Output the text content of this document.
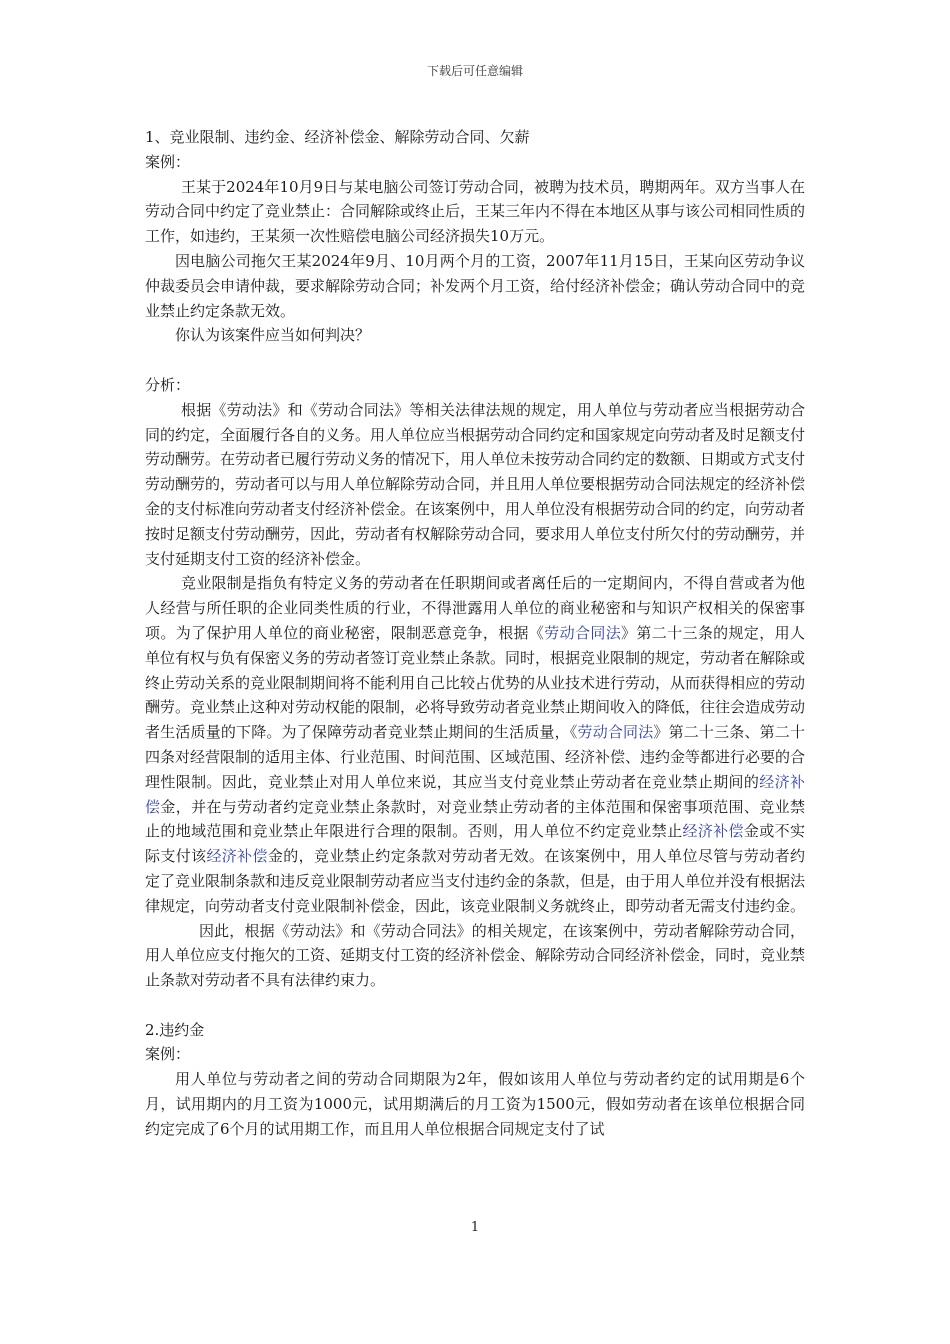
下载后可任意编辑

1、竞业限制、违约金、经济补偿金、解除劳动合同、欠薪

案例：

王某于2024年10月9日与某电脑公司签订劳动合同，被聘为技术员，聘期两年。双方当事人在劳动合同中约定了竞业禁止：合同解除或终止后，王某三年内不得在本地区从事与该公司相同性质的工作，如违约，王某须一次性赔偿电脑公司经济损失10万元。

因电脑公司拖欠王某2024年9月、10月两个月的工资，2007年11月15日，王某向区劳动争议仲裁委员会申请仲裁，要求解除劳动合同；补发两个月工资，给付经济补偿金；确认劳动合同中的竞业禁止约定条款无效。

你认为该案件应当如何判决？

分析：

根据《劳动法》和《劳动合同法》等相关法律法规的规定，用人单位与劳动者应当根据劳动合同的约定，全面履行各自的义务。用人单位应当根据劳动合同约定和国家规定向劳动者及时足额支付劳动酬劳。在劳动者已履行劳动义务的情况下，用人单位未按劳动合同约定的数额、日期或方式支付劳动酬劳的，劳动者可以与用人单位解除劳动合同，并且用人单位要根据劳动合同法规定的经济补偿金的支付标准向劳动者支付经济补偿金。在该案例中，用人单位没有根据劳动合同的约定，向劳动者按时足额支付劳动酬劳，因此，劳动者有权解除劳动合同，要求用人单位支付所欠付的劳动酬劳，并支付延期支付工资的经济补偿金。

竞业限制是指负有特定义务的劳动者在任职期间或者离任后的一定期间内，不得自营或者为他人经营与所任职的企业同类性质的行业，不得泄露用人单位的商业秘密和与知识产权相关的保密事项。为了保护用人单位的商业秘密，限制恶意竞争，根据《劳动合同法》第二十三条的规定，用人单位有权与负有保密义务的劳动者签订竞业禁止条款。同时，根据竞业限制的规定，劳动者在解除或终止劳动关系的竞业限制期间将不能利用自己比较占优势的从业技术进行劳动，从而获得相应的劳动酬劳。竞业禁止这种对劳动权能的限制，必将导致劳动者竞业禁止期间收入的降低，往往会造成劳动者生活质量的下降。为了保障劳动者竞业禁止期间的生活质量，《劳动合同法》第二十三条、第二十四条对经营限制的适用主体、行业范围、时间范围、区域范围、经济补偿、违约金等都进行必要的合理性限制。因此，竞业禁止对用人单位来说，其应当支付竞业禁止劳动者在竞业禁止期间的经济补偿金，并在与劳动者约定竞业禁止条款时，对竞业禁止劳动者的主体范围和保密事项范围、竞业禁止的地域范围和竞业禁止年限进行合理的限制。否则，用人单位不约定竞业禁止经济补偿金或不实际支付该经济补偿金的，竞业禁止约定条款对劳动者无效。在该案例中，用人单位尽管与劳动者约定了竞业限制条款和违反竞业限制劳动者应当支付违约金的条款，但是，由于用人单位并没有根据法律规定，向劳动者支付竞业限制补偿金，因此，该竞业限制义务就终止，即劳动者无需支付违约金。

因此，根据《劳动法》和《劳动合同法》的相关规定，在该案例中，劳动者解除劳动合同，用人单位应支付拖欠的工资、延期支付工资的经济补偿金、解除劳动合同经济补偿金，同时，竞业禁止条款对劳动者不具有法律约束力。

2.违约金

案例：

用人单位与劳动者之间的劳动合同期限为2年，假如该用人单位与劳动者约定的试用期是6个月，试用期内的月工资为1000元，试用期满后的月工资为1500元，假如劳动者在该单位根据合同约定完成了6个月的试用期工作，而且用人单位根据合同规定支付了试

1
